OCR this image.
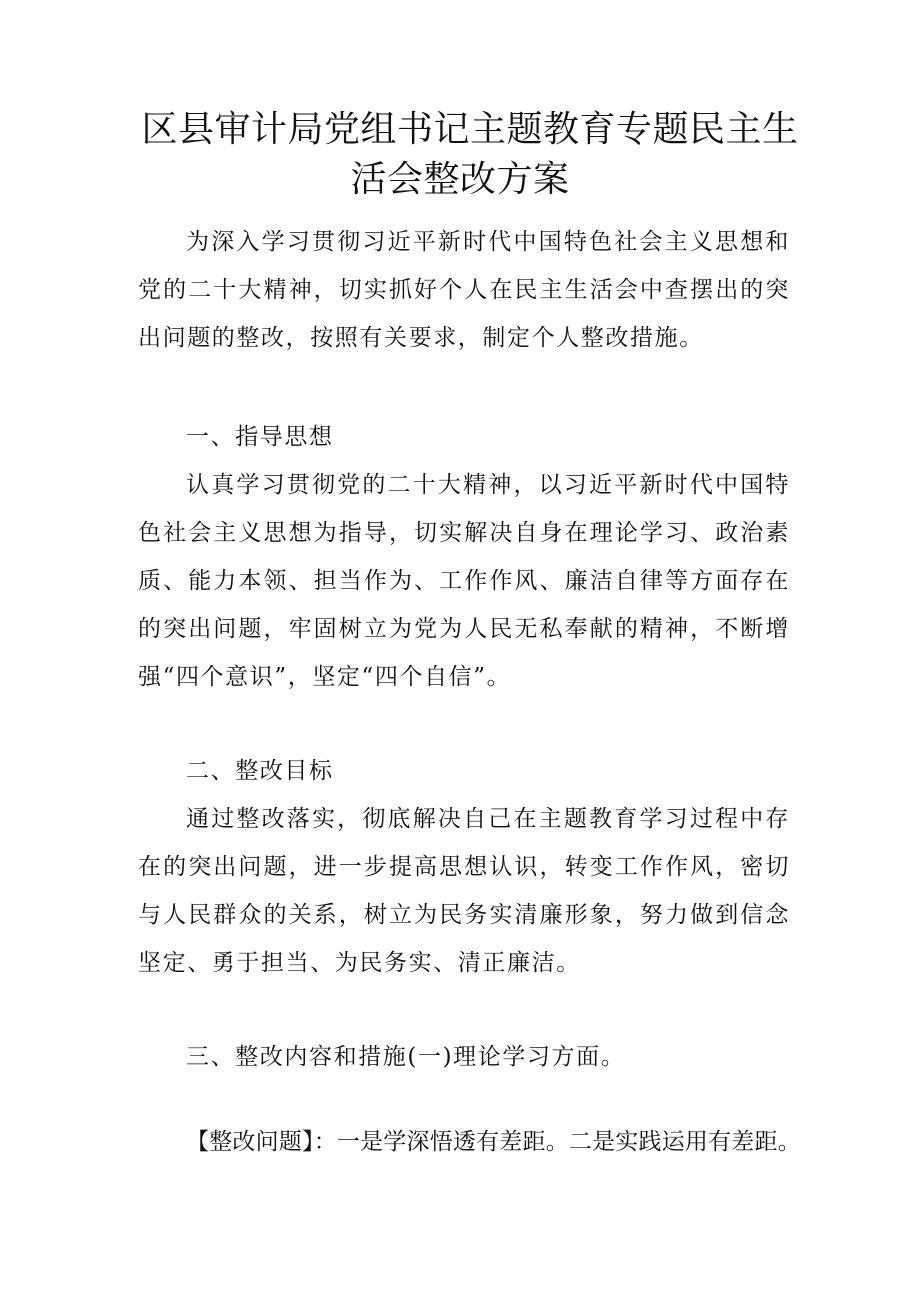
区县审计局党组书记主题教育专题民主生
活会整改方案

为深入学习贯彻习近平新时代中国特色社会主义思想和党的二十大精神，切实抓好个人在民主生活会中查摆出的突出问题的整改，按照有关要求，制定个人整改措施。

一、指导思想

认真学习贯彻党的二十大精神，以习近平新时代中国特色社会主义思想为指导，切实解决自身在理论学习、政治素质、能力本领、担当作为、工作作风、廉洁自律等方面存在的突出问题，牢固树立为党为人民无私奉献的精神，不断增强“四个意识”，坚定“四个自信”。

二、整改目标

通过整改落实，彻底解决自己在主题教育学习过程中存在的突出问题，进一步提高思想认识，转变工作作风，密切与人民群众的关系，树立为民务实清廉形象，努力做到信念坚定、勇于担当、为民务实、清正廉洁。

三、整改内容和措施(一)理论学习方面。

【整改问题】：一是学深悟透有差距。二是实践运用有差距。
